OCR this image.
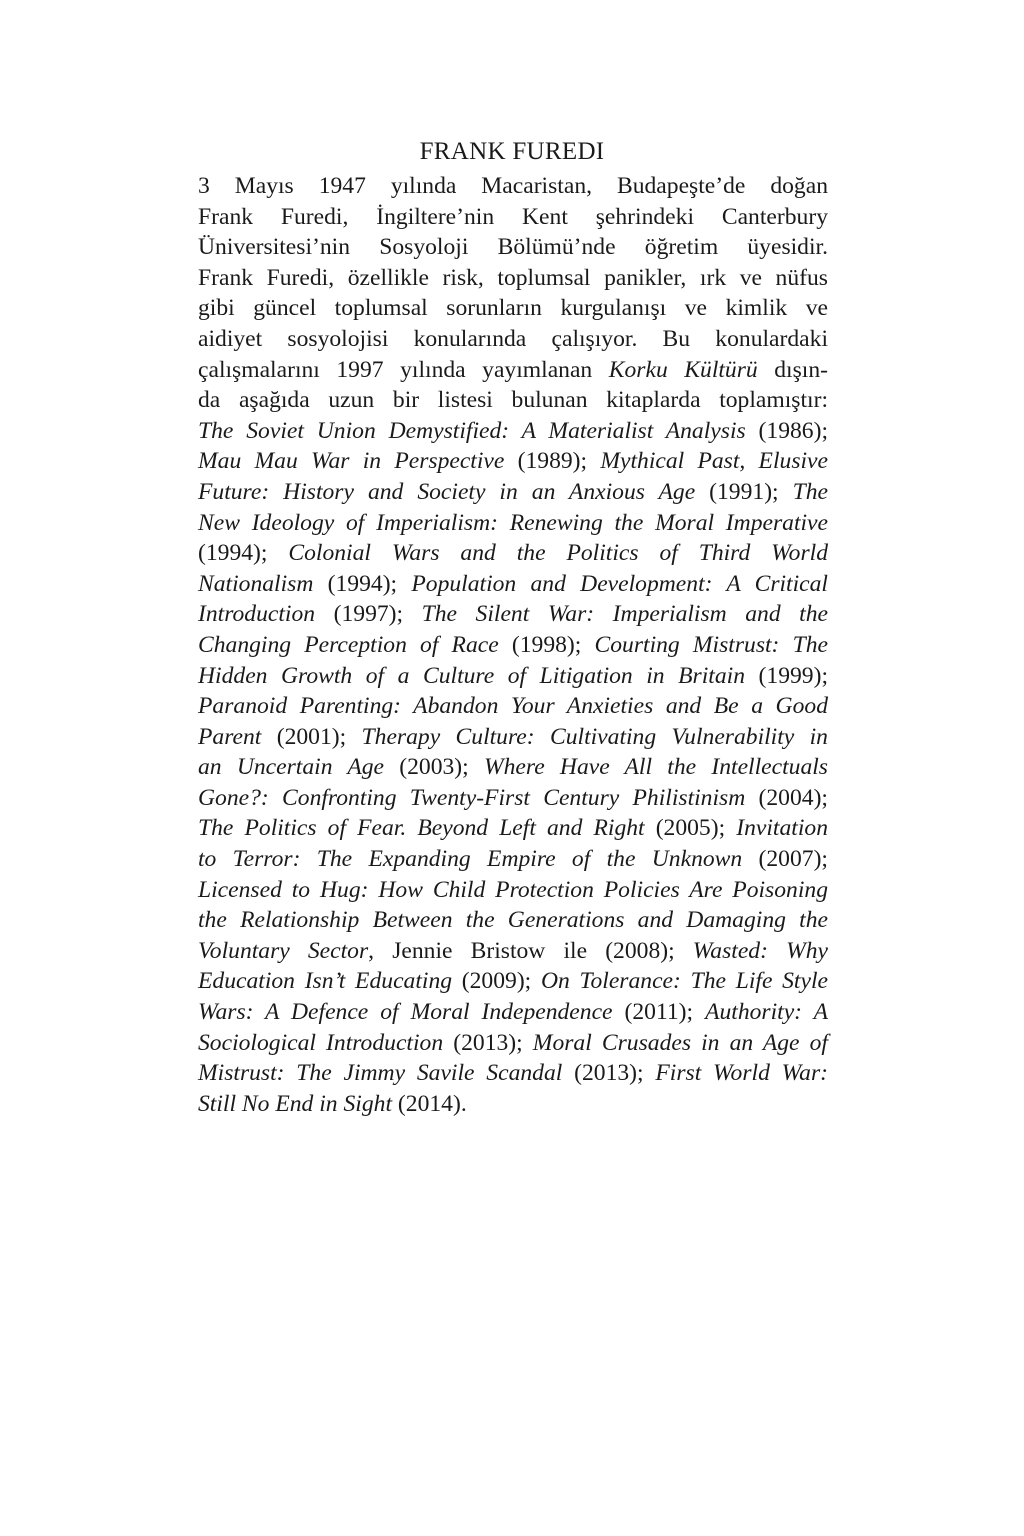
FRANK FUREDI
3 Mayıs 1947 yılında Macaristan, Budapeşte’de doğan
Frank Furedi, İngiltere’nin Kent şehrindeki Canterbury
Üniversitesi’nin Sosyoloji Bölümü’nde öğretim üyesidir.
Frank Furedi, özellikle risk, toplumsal panikler, ırk ve nüfus
gibi güncel toplumsal sorunların kurgulanışı ve kimlik ve
aidiyet sosyolojisi konularında çalışıyor. Bu konulardaki
çalışmalarını 1997 yılında yayımlanan Korku Kültürü dışın-
da aşağıda uzun bir listesi bulunan kitaplarda toplamıştır:
The Soviet Union Demystified: A Materialist Analysis (1986);
Mau Mau War in Perspective (1989); Mythical Past, Elusive
Future: History and Society in an Anxious Age (1991); The
New Ideology of Imperialism: Renewing the Moral Imperative
(1994); Colonial Wars and the Politics of Third World
Nationalism (1994); Population and Development: A Critical
Introduction (1997); The Silent War: Imperialism and the
Changing Perception of Race (1998); Courting Mistrust: The
Hidden Growth of a Culture of Litigation in Britain (1999);
Paranoid Parenting: Abandon Your Anxieties and Be a Good
Parent (2001); Therapy Culture: Cultivating Vulnerability in
an Uncertain Age (2003); Where Have All the Intellectuals
Gone?: Confronting Twenty-First Century Philistinism (2004);
The Politics of Fear. Beyond Left and Right (2005); Invitation
to Terror: The Expanding Empire of the Unknown (2007);
Licensed to Hug: How Child Protection Policies Are Poisoning
the Relationship Between the Generations and Damaging the
Voluntary Sector, Jennie Bristow ile (2008); Wasted: Why
Education Isn’t Educating (2009); On Tolerance: The Life Style
Wars: A Defence of Moral Independence (2011); Authority: A
Sociological Introduction (2013); Moral Crusades in an Age of
Mistrust: The Jimmy Savile Scandal (2013); First World War:
Still No End in Sight (2014).
